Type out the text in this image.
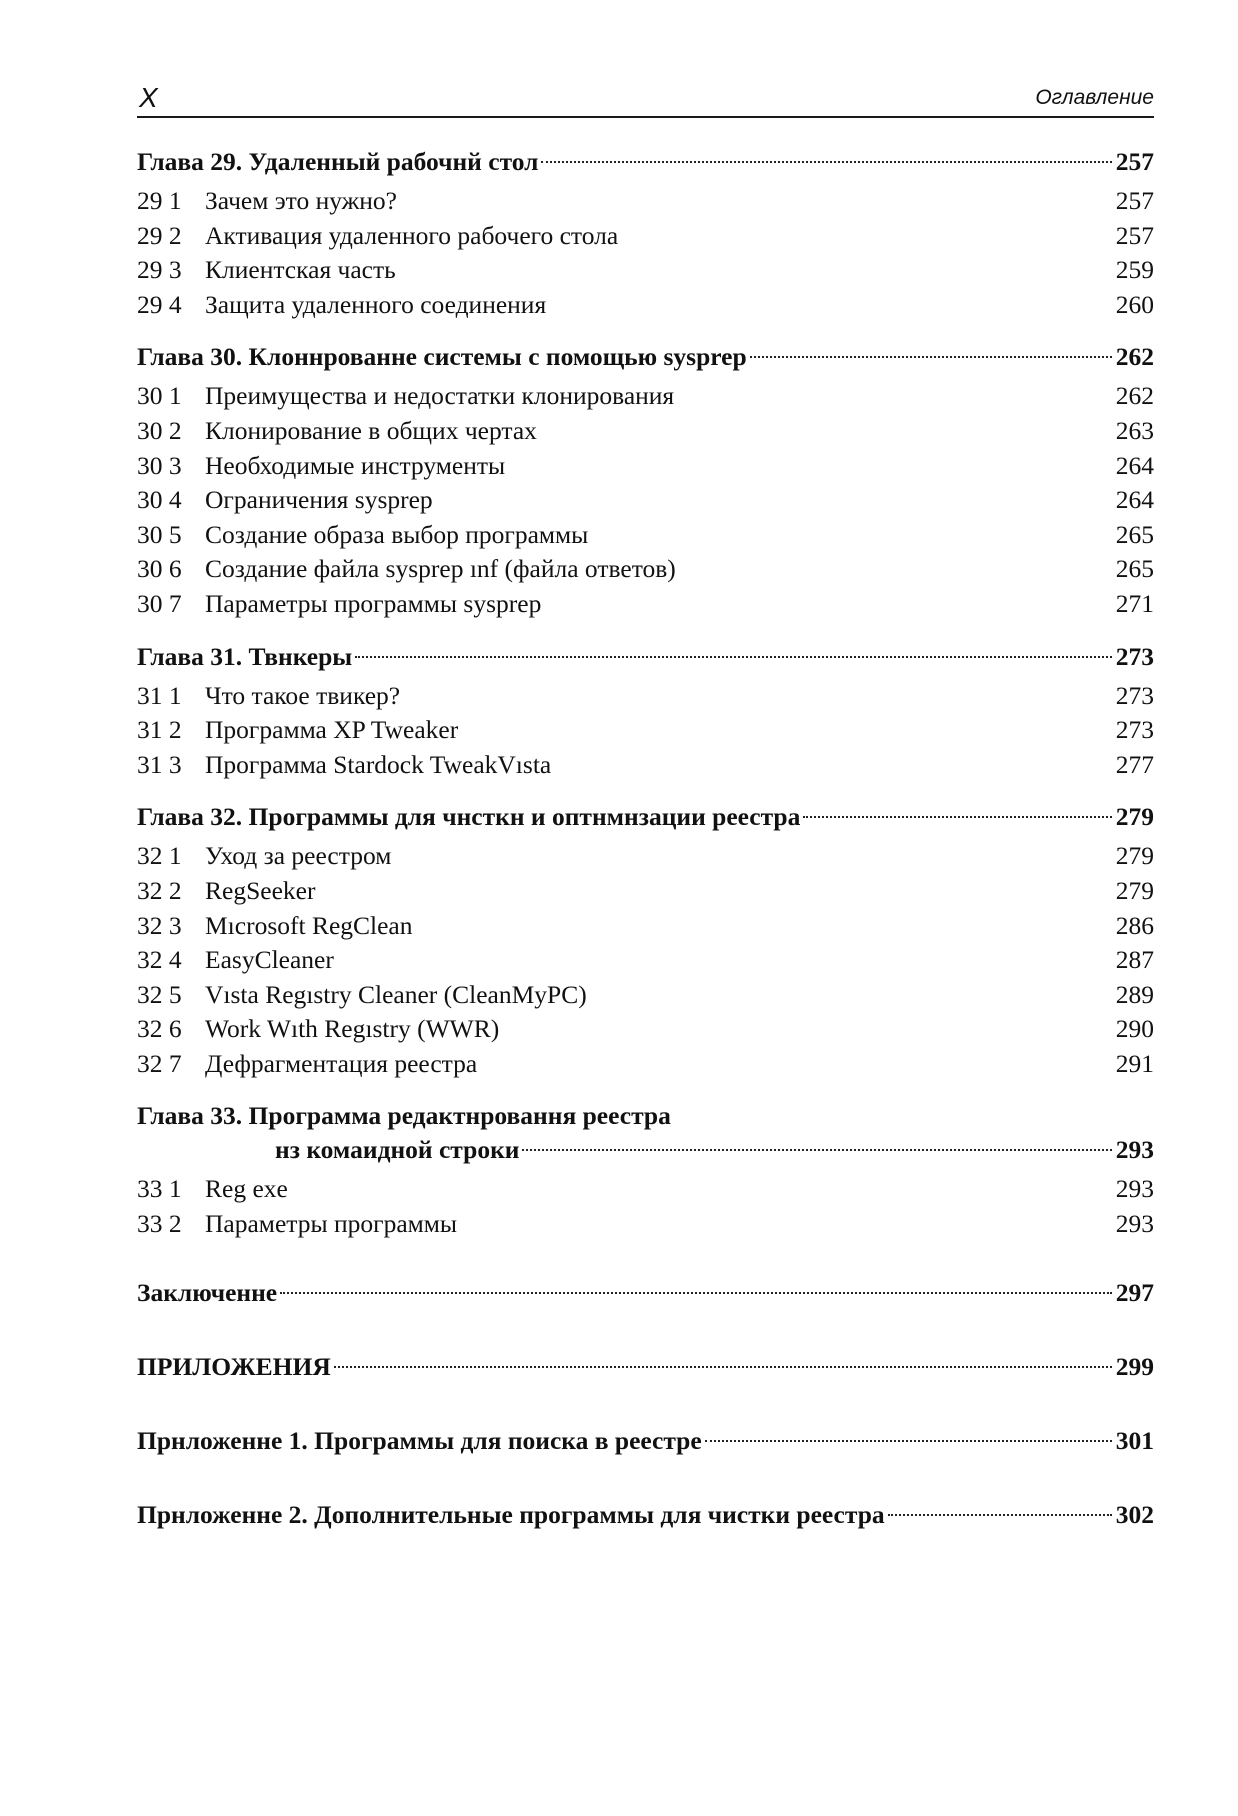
X	Оглавление
Глава 29. Удаленный рабочнй стол	257
29 1 Зачем это нужно?	257
29 2 Активация удаленного рабочего стола	257
29 3 Клиентская часть	259
29 4 Защита удаленного соединения	260
Глава 30. Клоннрованне системы с помощью sysprep	262
30 1 Преимущества и недостатки клонирования	262
30 2 Клонирование в общих чертах	263
30 3 Необходимые инструменты	264
30 4 Ограничения sysprep	264
30 5 Создание образа выбор программы	265
30 6 Создание файла sysprep ınf (файла ответов)	265
30 7 Параметры программы sysprep	271
Глава 31. Твнкеры	273
31 1 Что такое твикер?	273
31 2 Программа XP Tweaker	273
31 3 Программа Stardock TweakVısta	277
Глава 32. Программы для чнсткн и оптнмнзации реестра	279
32 1 Уход за реестром	279
32 2 RegSeeker	279
32 3 Mıcrosoft RegClean	286
32 4 EasyCleaner	287
32 5 Vısta Regıstry Cleaner (CleanMyPC)	289
32 6 Work Wıth Regıstry (WWR)	290
32 7 Дефрагментация реестра	291
Глава 33. Программа редактнровання реестра
нз комаидной строки	293
33 1 Reg exe	293
33 2 Параметры программы	293
Заключенне	297
ПРИЛОЖЕНИЯ	299
Прнложенне 1. Программы для поиска в реестре	301
Прнложенне 2. Дополнительные программы для чистки реестра	302
